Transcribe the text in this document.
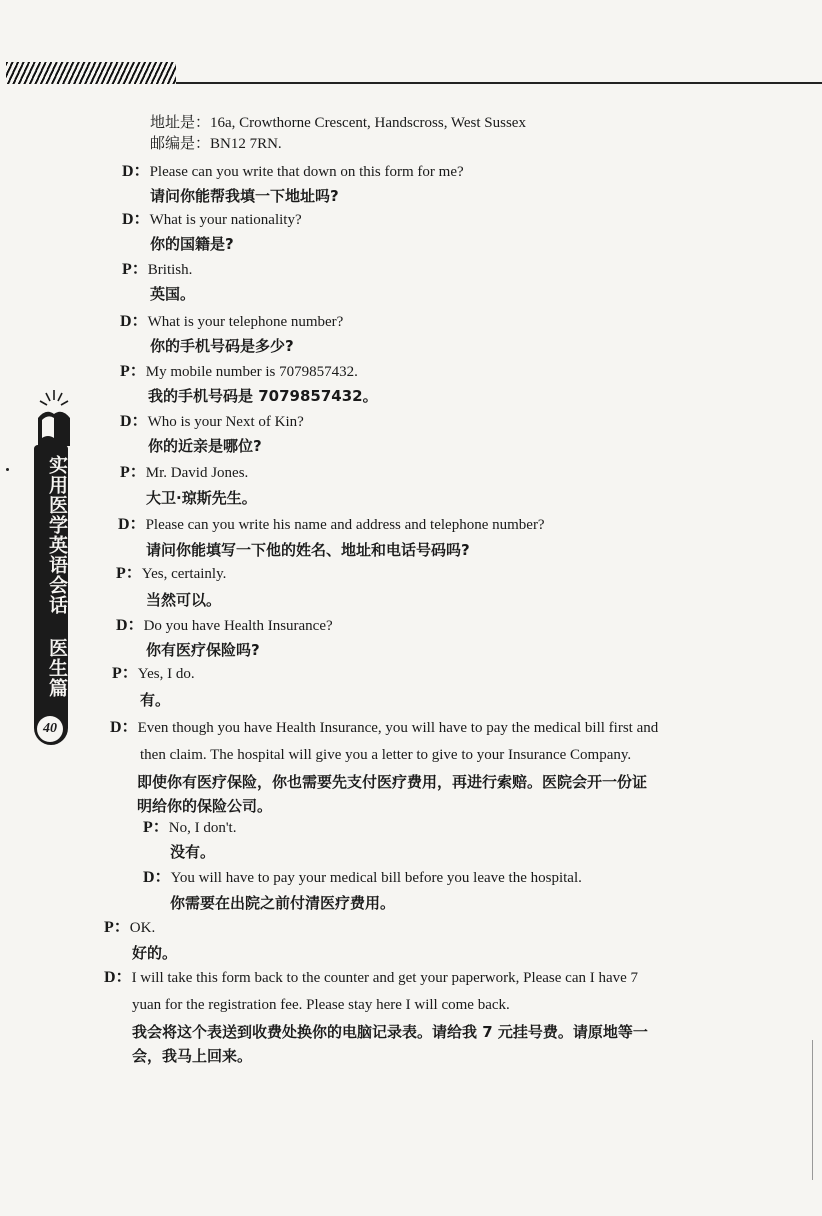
实用医学英语会话 医生篇
40
地址是：16a, Crowthorne Crescent, Handscross, West Sussex
邮编是：BN12 7RN.
D：Please can you write that down on this form for me?
请问你能帮我填一下地址吗?
D：What is your nationality?
你的国籍是?
P：British.
英国。
D：What is your telephone number?
你的手机号码是多少?
P：My mobile number is 7079857432.
我的手机号码是 7079857432。
D：Who is your Next of Kin?
你的近亲是哪位?
P：Mr. David Jones.
大卫·琼斯先生。
D：Please can you write his name and address and telephone number?
请问你能填写一下他的姓名、地址和电话号码吗?
P：Yes, certainly.
当然可以。
D：Do you have Health Insurance?
你有医疗保险吗?
P：Yes, I do.
有。
D：Even though you have Health Insurance, you will have to pay the medical bill first and
then claim. The hospital will give you a letter to give to your Insurance Company.
即使你有医疗保险，你也需要先支付医疗费用，再进行索赔。医院会开一份证
明给你的保险公司。
P：No, I don't.
没有。
D：You will have to pay your medical bill before you leave the hospital.
你需要在出院之前付清医疗费用。
P：OK.
好的。
D：I will take this form back to the counter and get your paperwork, Please can I have 7
yuan for the registration fee. Please stay here I will come back.
我会将这个表送到收费处换你的电脑记录表。请给我 7 元挂号费。请原地等一
会，我马上回来。
